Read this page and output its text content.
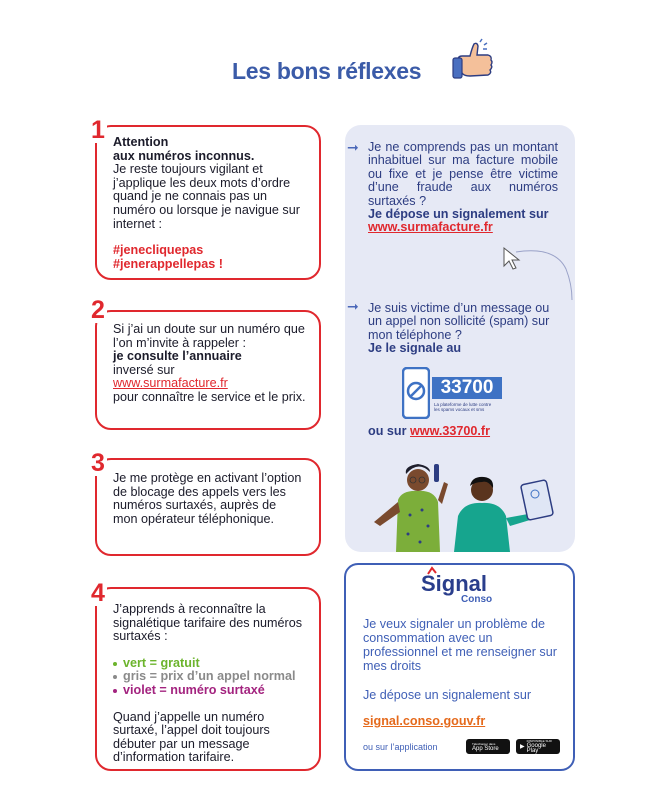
Les bons réflexes
1 Attention
aux numéros inconnus.
Je reste toujours vigilant et j’applique les deux mots d’ordre quand je ne connais pas un numéro ou lorsque je navigue sur internet :
#jenecliquepas
#jenerappellepas !
2
Si j’ai un doute sur un numéro que l’on m’invite à rappeler :
je consulte l’annuaire
inversé sur
www.surmafacture.fr
pour connaître le service et le prix.
3
Je me protège en activant l’option de blocage des appels vers les numéros surtaxés, auprès de mon opérateur téléphonique.
4
J’apprends à reconnaître la signalétique tarifaire des numéros surtaxés :
vert = gratuit
gris = prix d’un appel normal
violet = numéro surtaxé
Quand j’appelle un numéro surtaxé, l’appel doit toujours débuter par un message d’information tarifaire.
➞ Je ne comprends pas un montant inhabituel sur ma facture mobile ou fixe et je pense être victime d’une fraude aux numéros surtaxés ?
Je dépose un signalement sur
www.surmafacture.fr
➞ Je suis victime d’un message ou un appel non sollicité (spam) sur mon téléphone ?
Je le signale au
33700
La plateforme de lutte contre
les spams vocaux et sms
ou sur www.33700.fr
Signal
Conso
Je veux signaler un problème de consommation avec un professionnel et me renseigner sur mes droits
Je dépose un signalement sur
signal.conso.gouv.fr
ou sur l’application	Télécharger dans
App Store	▶
DISPONIBLE SUR
Google Play
